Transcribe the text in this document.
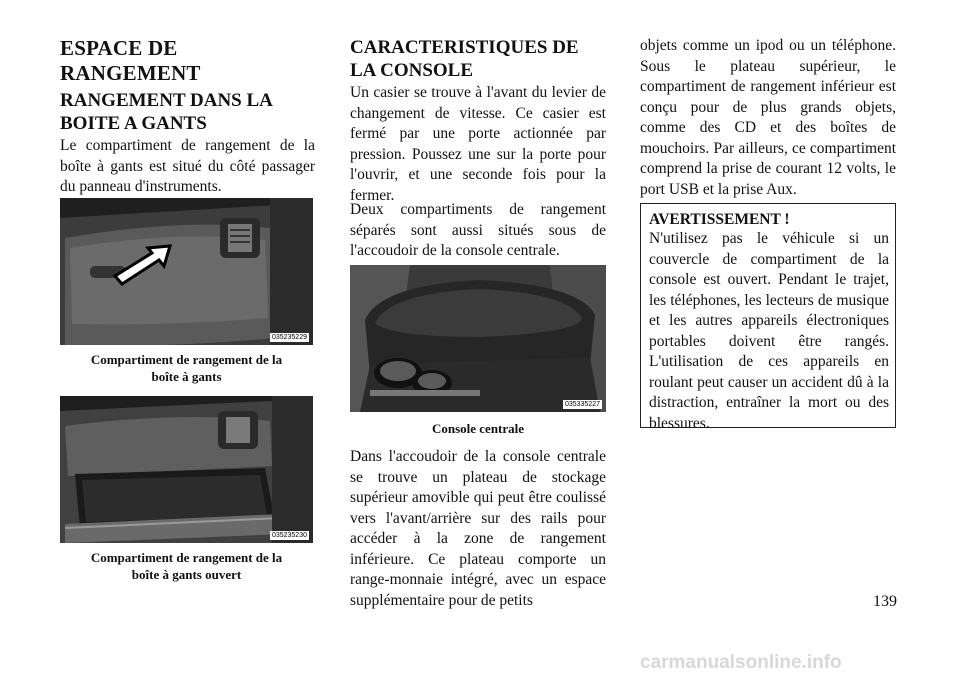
ESPACE DE
RANGEMENT
RANGEMENT DANS LA
BOITE A GANTS

Le compartiment de rangement de la boîte à gants est situé du côté passager du panneau d'instruments.

035235229

Compartiment de rangement de la
boîte à gants

035235230

Compartiment de rangement de la
boîte à gants ouvert

CARACTERISTIQUES DE
LA CONSOLE

Un casier se trouve à l'avant du levier de changement de vitesse. Ce casier est fermé par une porte actionnée par pression. Poussez une sur la porte pour l'ouvrir, et une seconde fois pour la fermer.

Deux compartiments de rangement séparés sont aussi situés sous de l'accoudoir de la console centrale.

035335227

Console centrale

Dans l'accoudoir de la console centrale se trouve un plateau de stockage supérieur amovible qui peut être coulissé vers l'avant/arrière sur des rails pour accéder à la zone de rangement inférieure. Ce plateau comporte un range-monnaie intégré, avec un espace supplémentaire pour de petits

objets comme un ipod ou un téléphone. Sous le plateau supérieur, le compartiment de rangement inférieur est conçu pour de plus grands objets, comme des CD et des boîtes de mouchoirs. Par ailleurs, ce compartiment comprend la prise de courant 12 volts, le port USB et la prise Aux.

AVERTISSEMENT !

N'utilisez pas le véhicule si un couvercle de compartiment de la console est ouvert. Pendant le trajet, les téléphones, les lecteurs de musique et les autres appareils électroniques portables doivent être rangés. L'utilisation de ces appareils en roulant peut causer un accident dû à la distraction, entraîner la mort ou des blessures.

139
carmanualsonline.info
